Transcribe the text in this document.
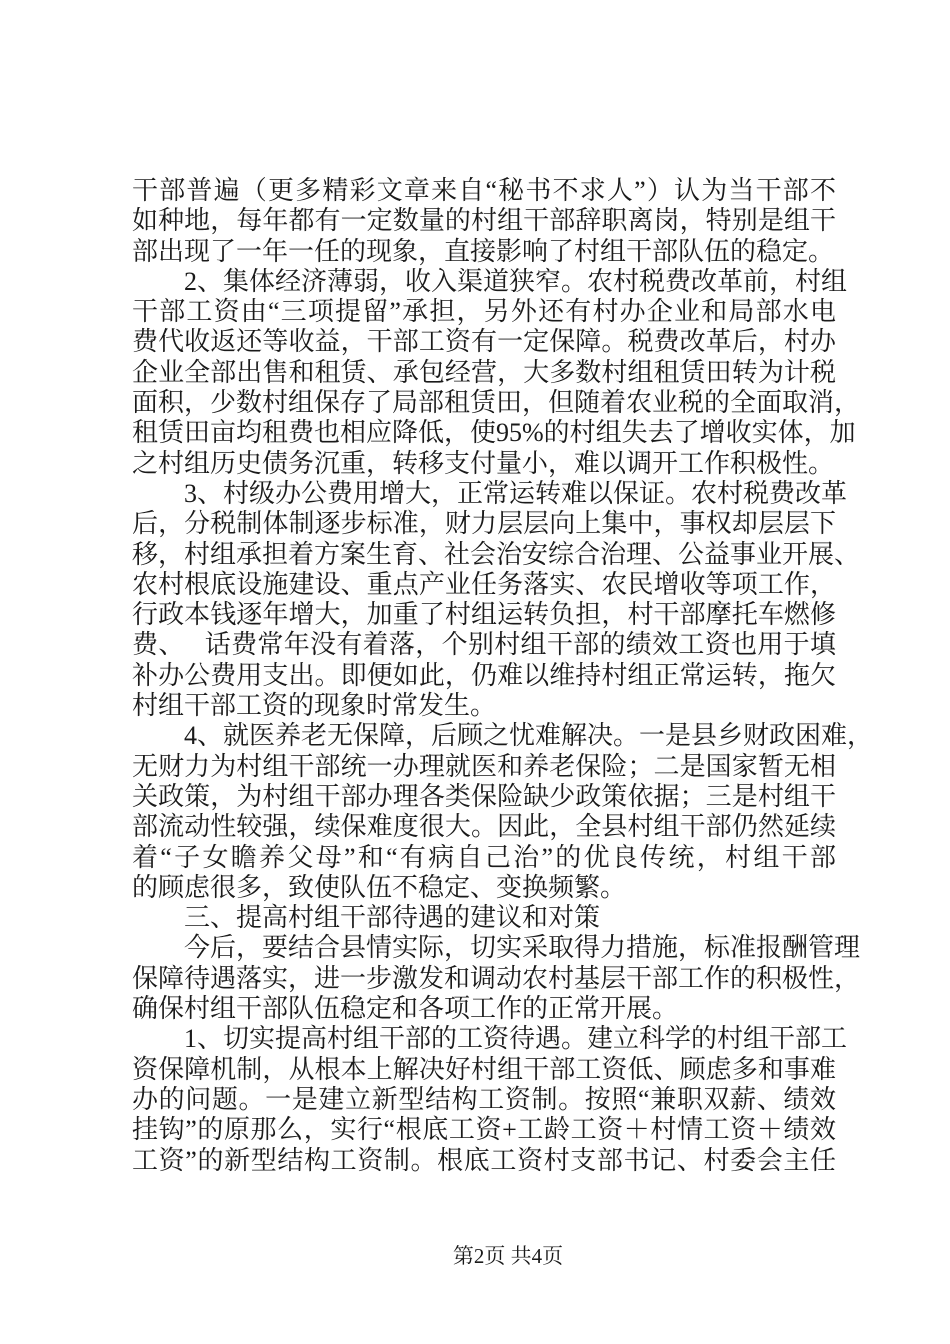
干部普遍（更多精彩文章来自“秘书不求人”）认为当干部不
如种地，每年都有一定数量的村组干部辞职离岗，特别是组干
部出现了一年一任的现象，直接影响了村组干部队伍的稳定。
2、集体经济薄弱，收入渠道狭窄。农村税费改革前，村组
干部工资由“三项提留”承担，另外还有村办企业和局部水电
费代收返还等收益，干部工资有一定保障。税费改革后，村办
企业全部出售和租赁、承包经营，大多数村组租赁田转为计税
面积，少数村组保存了局部租赁田，但随着农业税的全面取消，
租赁田亩均租费也相应降低，使95%的村组失去了增收实体，加
之村组历史债务沉重，转移支付量小，难以调开工作积极性。
3、村级办公费用增大，正常运转难以保证。农村税费改革
后，分税制体制逐步标准，财力层层向上集中，事权却层层下
移，村组承担着方案生育、社会治安综合治理、公益事业开展、
农村根底设施建设、重点产业任务落实、农民增收等项工作，
行政本钱逐年增大，加重了村组运转负担，村干部摩托车燃修
费、　 话费常年没有着落，个别村组干部的绩效工资也用于填
补办公费用支出。即便如此，仍难以维持村组正常运转，拖欠
村组干部工资的现象时常发生。
4、就医养老无保障，后顾之忧难解决。一是县乡财政困难，
无财力为村组干部统一办理就医和养老保险；二是国家暂无相
关政策，为村组干部办理各类保险缺少政策依据；三是村组干
部流动性较强，续保难度很大。因此，全县村组干部仍然延续
着“子女瞻养父母”和“有病自己治”的优良传统，村组干部
的顾虑很多，致使队伍不稳定、变换频繁。
三、提高村组干部待遇的建议和对策
今后，要结合县情实际，切实采取得力措施，标准报酬管理
保障待遇落实，进一步激发和调动农村基层干部工作的积极性，
确保村组干部队伍稳定和各项工作的正常开展。
1、切实提高村组干部的工资待遇。建立科学的村组干部工
资保障机制，从根本上解决好村组干部工资低、顾虑多和事难
办的问题。一是建立新型结构工资制。按照“兼职双薪、绩效
挂钩”的原那么，实行“根底工资+工龄工资＋村情工资＋绩效
工资”的新型结构工资制。根底工资村支部书记、村委会主任
第2页 共4页
